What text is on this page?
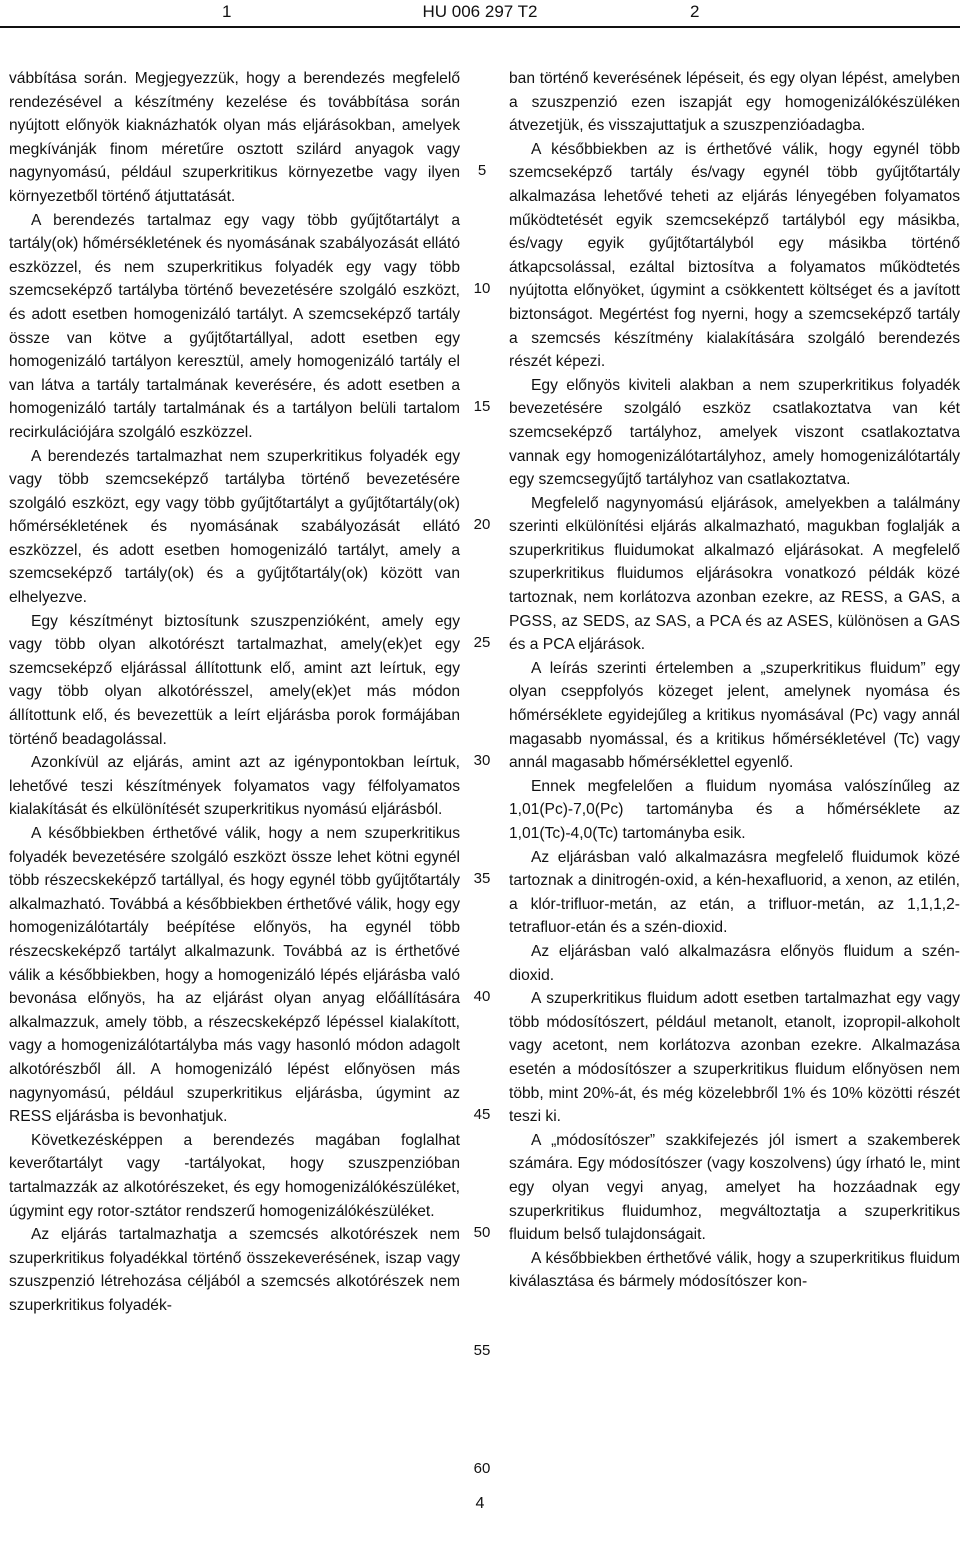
1	HU 006 297 T2	2

vábbítása során. Megjegyezzük, hogy a berendezés megfelelő rendezésével a készítmény kezelése és továbbítása során nyújtott előnyök kiaknázhatók olyan más eljárásokban, amelyek megkívánják finom méretűre osztott szilárd anyagok vagy nagynyomású, például szuperkritikus környezetbe vagy ilyen környezetből történő átjuttatását.

A berendezés tartalmaz egy vagy több gyűjtőtartályt a tartály(ok) hőmérsékletének és nyomásának szabályozását ellátó eszközzel, és nem szuperkritikus folyadék egy vagy több szemcseképző tartályba történő bevezetésére szolgáló eszközt, és adott esetben homogenizáló tartályt. A szemcseképző tartály össze van kötve a gyűjtőtartállyal, adott esetben egy homogenizáló tartályon keresztül, amely homogenizáló tartály el van látva a tartály tartalmának keverésére, és adott esetben a homogenizáló tartály tartalmának és a tartályon belüli tartalom recirkulációjára szolgáló eszközzel.

A berendezés tartalmazhat nem szuperkritikus folyadék egy vagy több szemcseképző tartályba történő bevezetésére szolgáló eszközt, egy vagy több gyűjtőtartályt a gyűjtőtartály(ok) hőmérsékletének és nyomásának szabályozását ellátó eszközzel, és adott esetben homogenizáló tartályt, amely a szemcseképző tartály(ok) és a gyűjtőtartály(ok) között van elhelyezve.

Egy készítményt biztosítunk szuszpenzióként, amely egy vagy több olyan alkotórészt tartalmazhat, amely(ek)et egy szemcseképző eljárással állítottunk elő, amint azt leírtuk, egy vagy több olyan alkotórésszel, amely(ek)et más módon állítottunk elő, és bevezettük a leírt eljárásba porok formájában történő beadagolással.

Azonkívül az eljárás, amint azt az igénypontokban leírtuk, lehetővé teszi készítmények folyamatos vagy félfolyamatos kialakítását és elkülönítését szuperkritikus nyomású eljárásból.

A későbbiekben érthetővé válik, hogy a nem szuperkritikus folyadék bevezetésére szolgáló eszközt össze lehet kötni egynél több részecskeképző tartállyal, és hogy egynél több gyűjtőtartály alkalmazható. Továbbá a későbbiekben érthetővé válik, hogy egy homogenizálótartály beépítése előnyös, ha egynél több részecskeképző tartályt alkalmazunk. Továbbá az is érthetővé válik a későbbiekben, hogy a homogenizáló lépés eljárásba való bevonása előnyös, ha az eljárást olyan anyag előállítására alkalmazzuk, amely több, a részecskeképző lépéssel kialakított, vagy a homogenizálótartályba más vagy hasonló módon adagolt alkotórészből áll. A homogenizáló lépést előnyösen más nagynyomású, például szuperkritikus eljárásba, úgymint az RESS eljárásba is bevonhatjuk.

Következésképpen a berendezés magában foglalhat keverőtartályt vagy -tartályokat, hogy szuszpenzióban tartalmazzák az alkotórészeket, és egy homogenizálókészüléket, úgymint egy rotor-sztátor rendszerű homogenizálókészüléket.

Az eljárás tartalmazhatja a szemcsés alkotórészek nem szuperkritikus folyadékkal történő összekeverésének, iszap vagy szuszpenzió létrehozása céljából a szemcsés alkotórészek nem szuperkritikus folyadék-

5
10
15
20
25
30
35
40
45
50
55
60

ban történő keverésének lépéseit, és egy olyan lépést, amelyben a szuszpenzió ezen iszapját egy homogenizálókészüléken átvezetjük, és visszajuttatjuk a szuszpenzióadagba.

A későbbiekben az is érthetővé válik, hogy egynél több szemcseképző tartály és/vagy egynél több gyűjtőtartály alkalmazása lehetővé teheti az eljárás lényegében folyamatos működtetését egyik szemcseképző tartályból egy másikba, és/vagy egyik gyűjtőtartályból egy másikba történő átkapcsolással, ezáltal biztosítva a folyamatos működtetés nyújtotta előnyöket, úgymint a csökkentett költséget és a javított biztonságot. Megértést fog nyerni, hogy a szemcseképző tartály a szemcsés készítmény kialakítására szolgáló berendezés részét képezi.

Egy előnyös kiviteli alakban a nem szuperkritikus folyadék bevezetésére szolgáló eszköz csatlakoztatva van két szemcseképző tartályhoz, amelyek viszont csatlakoztatva vannak egy homogenizálótartályhoz, amely homogenizálótartály egy szemcsegyűjtő tartályhoz van csatlakoztatva.

Megfelelő nagynyomású eljárások, amelyekben a találmány szerinti elkülönítési eljárás alkalmazható, magukban foglalják a szuperkritikus fluidumokat alkalmazó eljárásokat. A megfelelő szuperkritikus fluidumos eljárásokra vonatkozó példák közé tartoznak, nem korlátozva azonban ezekre, az RESS, a GAS, a PGSS, az SEDS, az SAS, a PCA és az ASES, különösen a GAS és a PCA eljárások.

A leírás szerinti értelemben a „szuperkritikus fluidum” egy olyan cseppfolyós közeget jelent, amelynek nyomása és hőmérséklete egyidejűleg a kritikus nyomásával (Pc) vagy annál magasabb nyomással, és a kritikus hőmérsékletével (Tc) vagy annál magasabb hőmérséklettel egyenlő.

Ennek megfelelően a fluidum nyomása valószínűleg az 1,01(Pc)-7,0(Pc) tartományba és a hőmérséklete az 1,01(Tc)-4,0(Tc) tartományba esik.

Az eljárásban való alkalmazásra megfelelő fluidumok közé tartoznak a dinitrogén-oxid, a kén-hexafluorid, a xenon, az etilén, a klór-trifluor-metán, az etán, a trifluor-metán, az 1,1,1,2-tetrafluor-etán és a szén-dioxid.

Az eljárásban való alkalmazásra előnyös fluidum a szén-dioxid.

A szuperkritikus fluidum adott esetben tartalmazhat egy vagy több módosítószert, például metanolt, etanolt, izopropil-alkoholt vagy acetont, nem korlátozva azonban ezekre. Alkalmazása esetén a módosítószer a szuperkritikus fluidum előnyösen nem több, mint 20%-át, és még közelebbről 1% és 10% közötti részét teszi ki.

A „módosítószer” szakkifejezés jól ismert a szakemberek számára. Egy módosítószer (vagy koszolvens) úgy írható le, mint egy olyan vegyi anyag, amelyet ha hozzáadnak egy szuperkritikus fluidumhoz, megváltoztatja a szuperkritikus fluidum belső tulajdonságait.

A későbbiekben érthetővé válik, hogy a szuperkritikus fluidum kiválasztása és bármely módosítószer kon-

4
